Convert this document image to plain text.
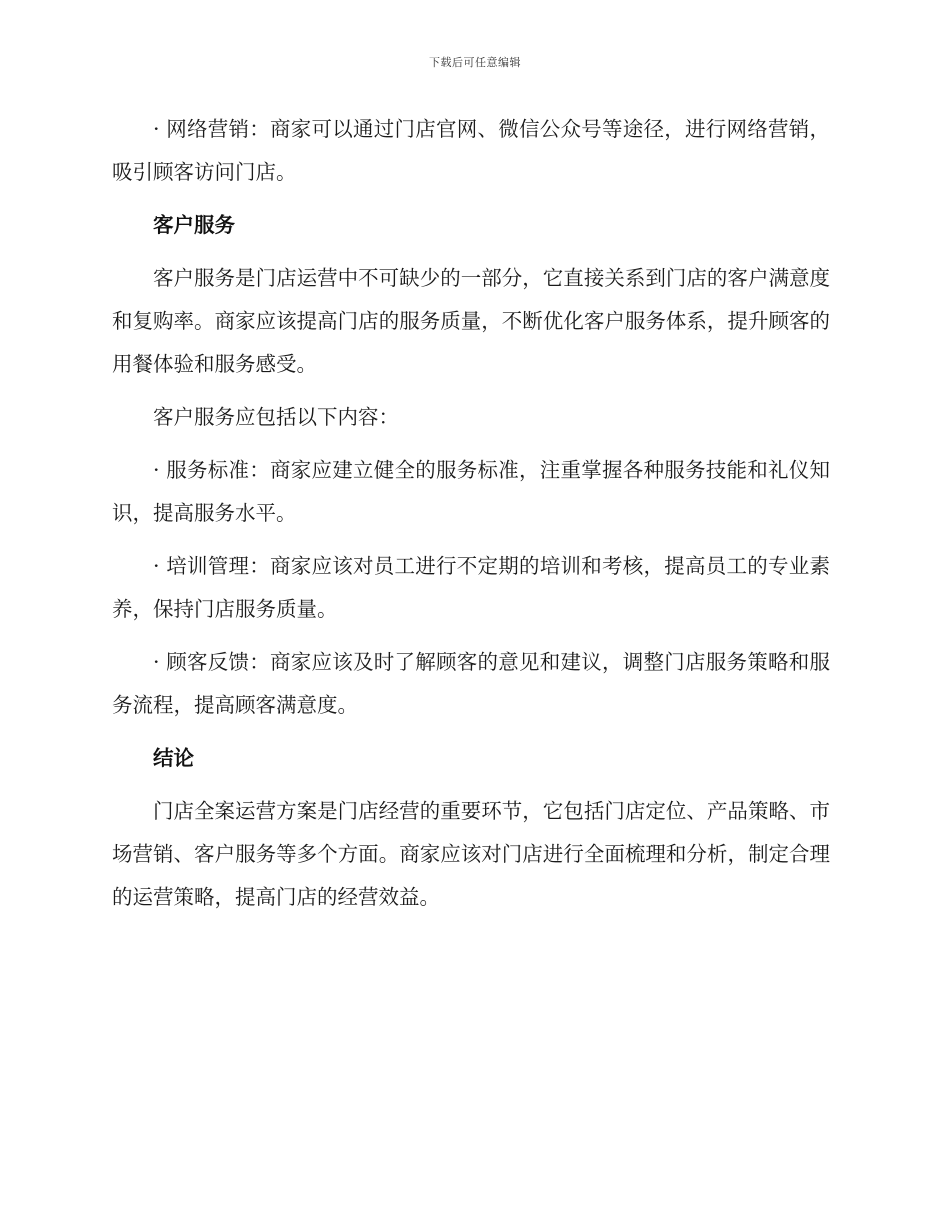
下载后可任意编辑

· 网络营销：商家可以通过门店官网、微信公众号等途径，进行网络营销，吸引顾客访问门店。

客户服务

客户服务是门店运营中不可缺少的一部分，它直接关系到门店的客户满意度和复购率。商家应该提高门店的服务质量，不断优化客户服务体系，提升顾客的用餐体验和服务感受。

客户服务应包括以下内容：

· 服务标准：商家应建立健全的服务标准，注重掌握各种服务技能和礼仪知识，提高服务水平。

· 培训管理：商家应该对员工进行不定期的培训和考核，提高员工的专业素养，保持门店服务质量。

· 顾客反馈：商家应该及时了解顾客的意见和建议，调整门店服务策略和服务流程，提高顾客满意度。

结论

门店全案运营方案是门店经营的重要环节，它包括门店定位、产品策略、市场营销、客户服务等多个方面。商家应该对门店进行全面梳理和分析，制定合理的运营策略，提高门店的经营效益。
